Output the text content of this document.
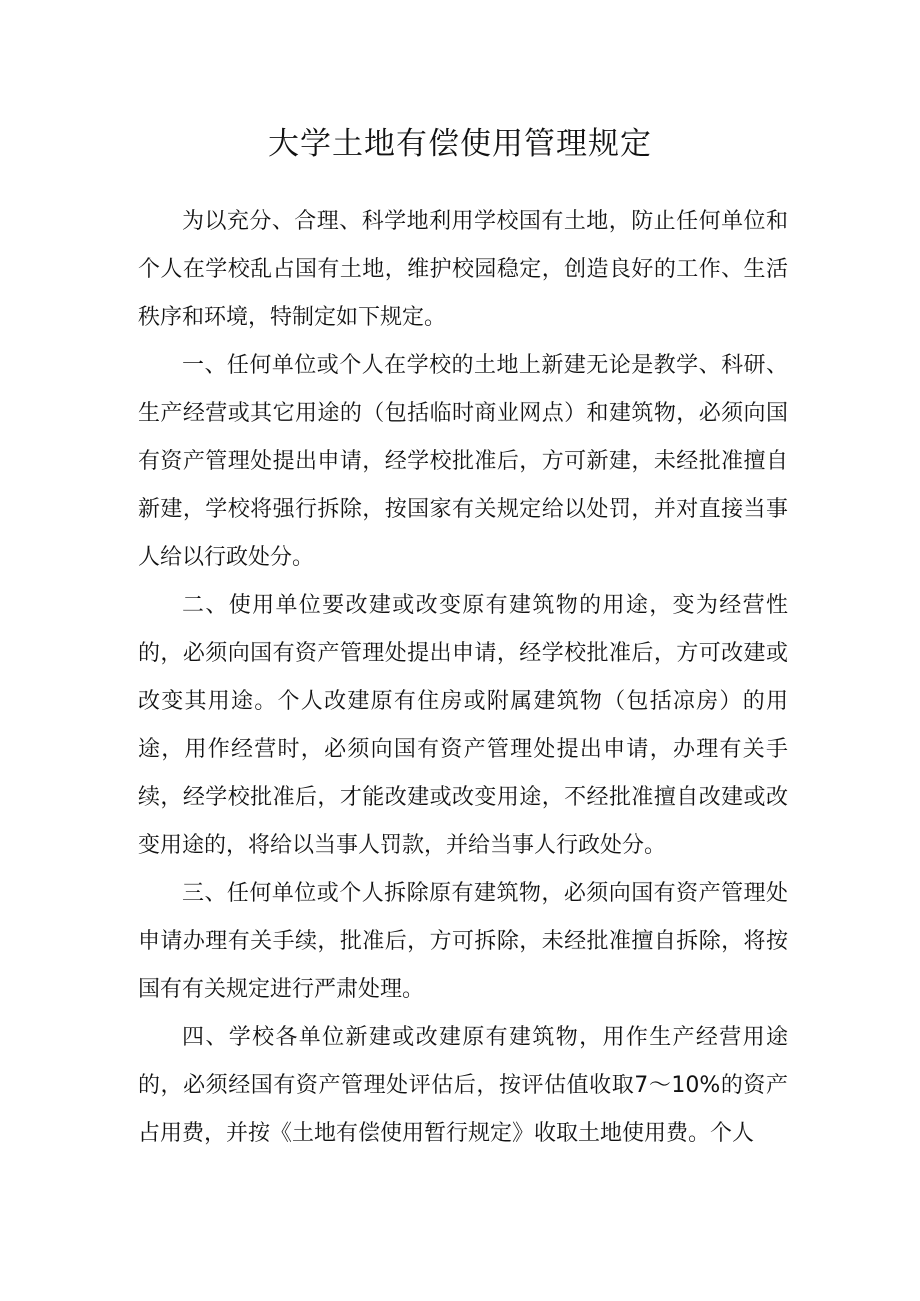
大学土地有偿使用管理规定

为以充分、合理、科学地利用学校国有土地，防止任何单位和个人在学校乱占国有土地，维护校园稳定，创造良好的工作、生活秩序和环境，特制定如下规定。

一、任何单位或个人在学校的土地上新建无论是教学、科研、生产经营或其它用途的（包括临时商业网点）和建筑物，必须向国有资产管理处提出申请，经学校批准后，方可新建，未经批准擅自新建，学校将强行拆除，按国家有关规定给以处罚，并对直接当事人给以行政处分。

二、使用单位要改建或改变原有建筑物的用途，变为经营性的，必须向国有资产管理处提出申请，经学校批准后，方可改建或改变其用途。个人改建原有住房或附属建筑物（包括凉房）的用途，用作经营时，必须向国有资产管理处提出申请，办理有关手续，经学校批准后，才能改建或改变用途，不经批准擅自改建或改变用途的，将给以当事人罚款，并给当事人行政处分。

三、任何单位或个人拆除原有建筑物，必须向国有资产管理处申请办理有关手续，批准后，方可拆除，未经批准擅自拆除，将按国有有关规定进行严肃处理。

四、学校各单位新建或改建原有建筑物，用作生产经营用途的，必须经国有资产管理处评估后，按评估值收取7～10%的资产占用费，并按《土地有偿使用暂行规定》收取土地使用费。个人
